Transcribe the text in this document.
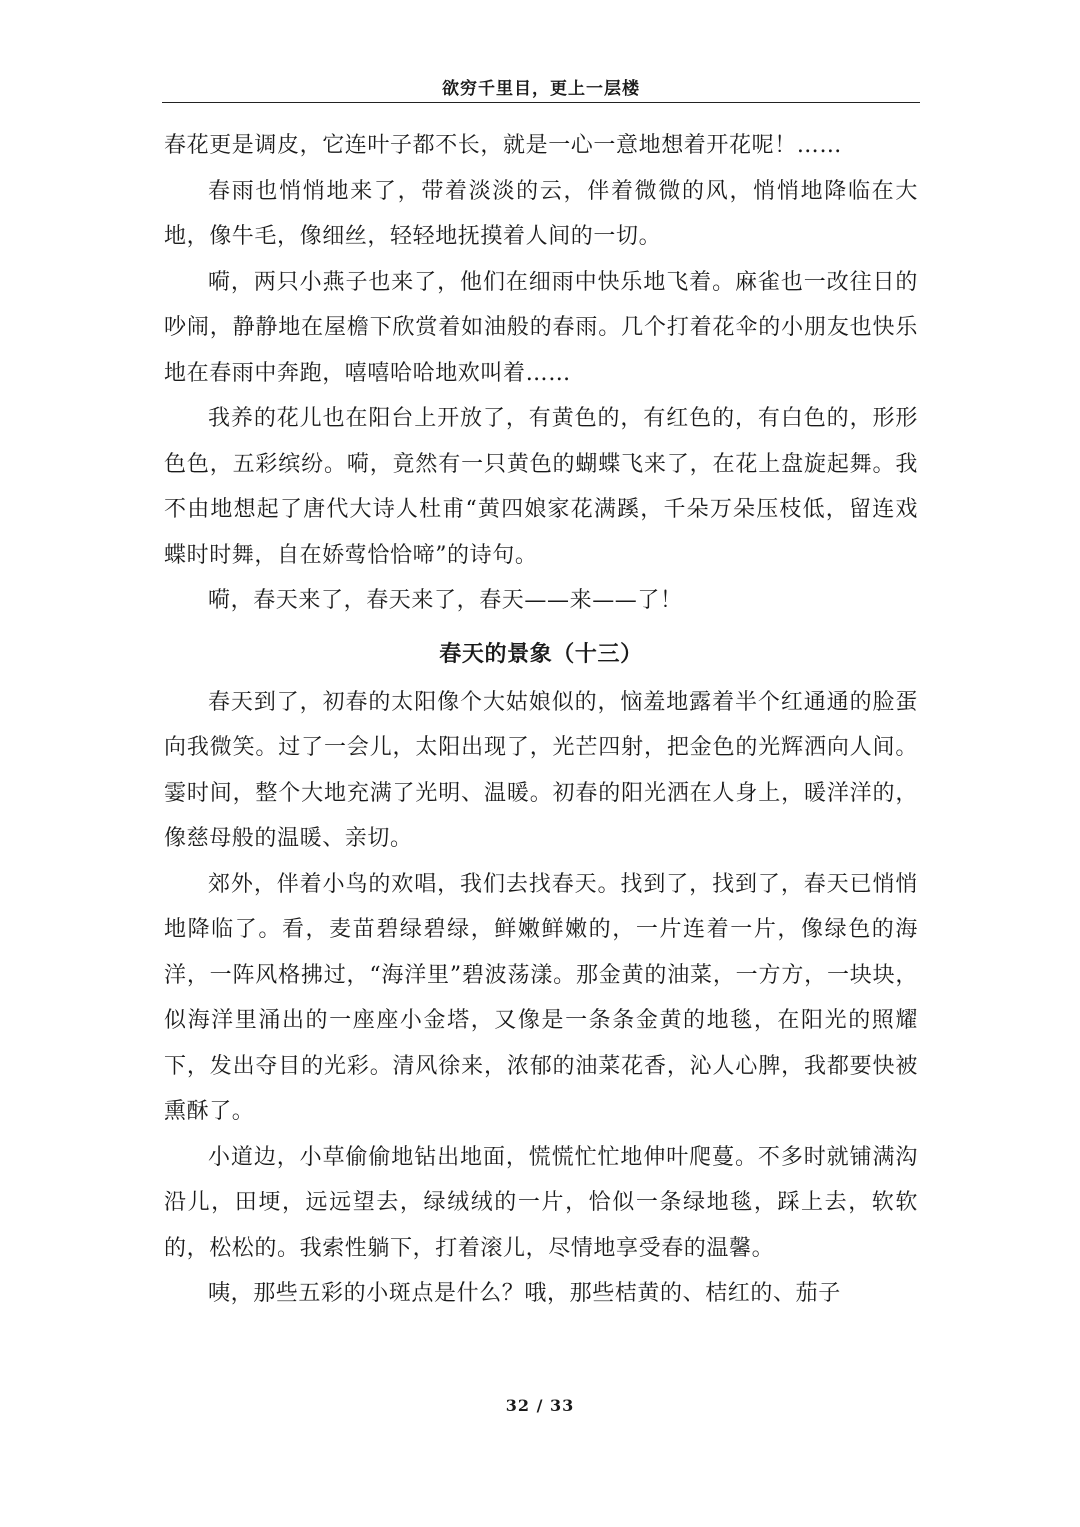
欲穷千里目，更上一层楼

春花更是调皮，它连叶子都不长，就是一心一意地想着开花呢！……

春雨也悄悄地来了，带着淡淡的云，伴着微微的风，悄悄地降临在大地，像牛毛，像细丝，轻轻地抚摸着人间的一切。

嗬，两只小燕子也来了，他们在细雨中快乐地飞着。麻雀也一改往日的吵闹，静静地在屋檐下欣赏着如油般的春雨。几个打着花伞的小朋友也快乐地在春雨中奔跑，嘻嘻哈哈地欢叫着……

我养的花儿也在阳台上开放了，有黄色的，有红色的，有白色的，形形色色，五彩缤纷。嗬，竟然有一只黄色的蝴蝶飞来了，在花上盘旋起舞。我不由地想起了唐代大诗人杜甫“黄四娘家花满蹊，千朵万朵压枝低，留连戏蝶时时舞，自在娇莺恰恰啼”的诗句。

嗬，春天来了，春天来了，春天——来——了！

春天的景象（十三）

春天到了，初春的太阳像个大姑娘似的，恼羞地露着半个红通通的脸蛋向我微笑。过了一会儿，太阳出现了，光芒四射，把金色的光辉洒向人间。霎时间，整个大地充满了光明、温暖。初春的阳光洒在人身上，暖洋洋的，像慈母般的温暖、亲切。

郊外，伴着小鸟的欢唱，我们去找春天。找到了，找到了，春天已悄悄地降临了。看，麦苗碧绿碧绿，鲜嫩鲜嫩的，一片连着一片，像绿色的海洋，一阵风格拂过，“海洋里”碧波荡漾。那金黄的油菜，一方方，一块块，似海洋里涌出的一座座小金塔，又像是一条条金黄的地毯，在阳光的照耀下，发出夺目的光彩。清风徐来，浓郁的油菜花香，沁人心脾，我都要快被熏酥了。

小道边，小草偷偷地钻出地面，慌慌忙忙地伸叶爬蔓。不多时就铺满沟沿儿，田埂，远远望去，绿绒绒的一片，恰似一条绿地毯，踩上去，软软的，松松的。我索性躺下，打着滚儿，尽情地享受春的温馨。

咦，那些五彩的小斑点是什么？哦，那些桔黄的、桔红的、茄子

32 / 33
